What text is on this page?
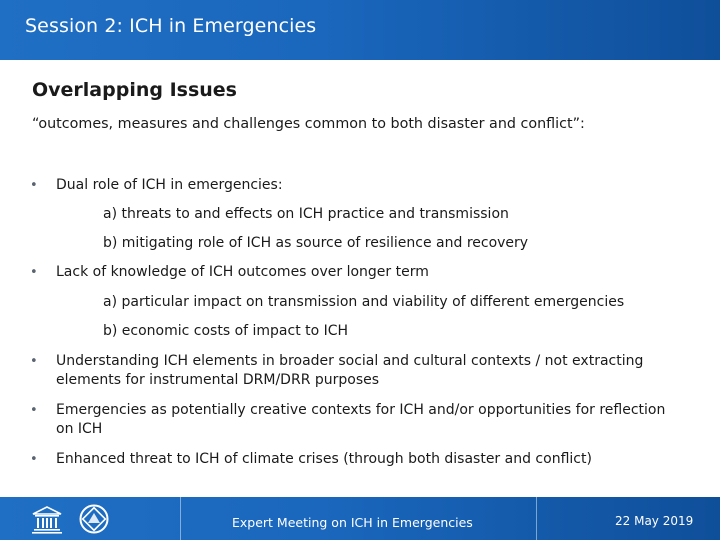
Session 2: ICH in Emergencies
Overlapping Issues
“outcomes, measures and challenges common to both disaster and conflict”:
• Dual role of ICH in emergencies:
a) threats to and effects on ICH practice and transmission
b) mitigating role of ICH as source of resilience and recovery
• Lack of knowledge of ICH outcomes over longer term
a) particular impact on transmission and viability of different emergencies
b) economic costs of impact to ICH
• Understanding ICH elements in broader social and cultural contexts / not extracting elements for instrumental DRM/DRR purposes
• Emergencies as potentially creative contexts for ICH and/or opportunities for reflection on ICH
• Enhanced threat to ICH of climate crises (through both disaster and conflict)
Expert Meeting on ICH in Emergencies	22 May 2019
